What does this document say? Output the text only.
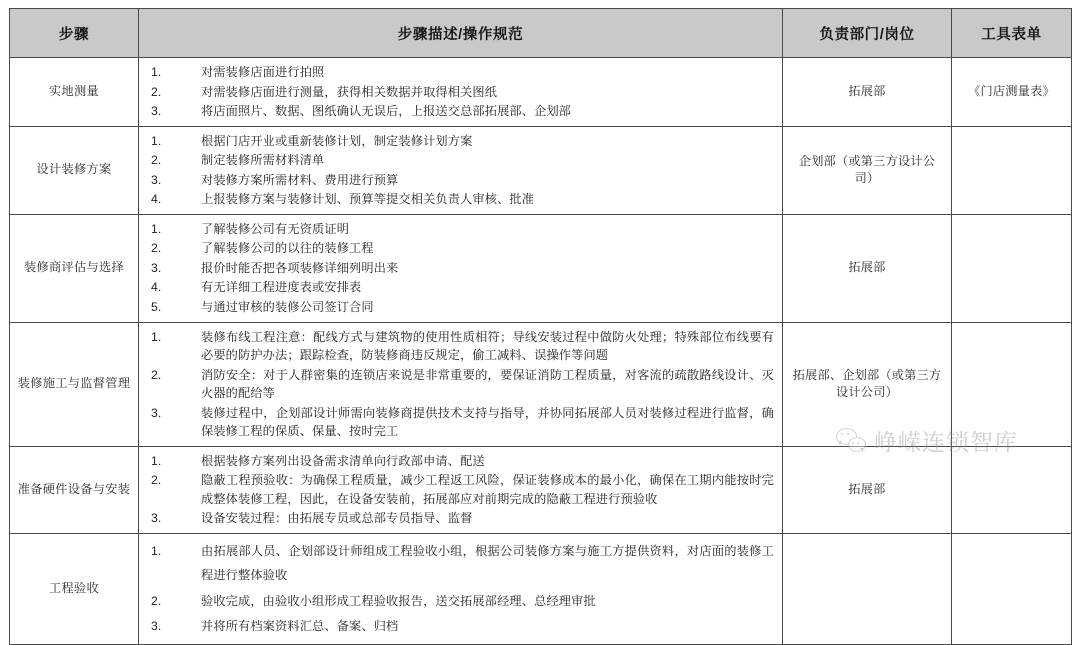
步骤	步骤描述/操作规范	负责部门/岗位	工具表单
实地测量	
1.	对需装修店面进行拍照
2.	对需装修店面进行测量，获得相关数据并取得相关图纸
3.	将店面照片、数据、图纸确认无误后，上报送交总部拓展部、企划部
	拓展部	《门店测量表》
设计装修方案	
1.	根据门店开业或重新装修计划，制定装修计划方案
2.	制定装修所需材料清单
3.	对装修方案所需材料、费用进行预算
4.	上报装修方案与装修计划、预算等提交相关负责人审核、批准
	企划部（或第三方设计公司）	
装修商评估与选择	
1.	了解装修公司有无资质证明
2.	了解装修公司的以往的装修工程
3.	报价时能否把各项装修详细列明出来
4.	有无详细工程进度表或安排表
5.	与通过审核的装修公司签订合同
	拓展部	
装修施工与监督管理	
1.	装修布线工程注意：配线方式与建筑物的使用性质相符；导线安装过程中做防火处理；特殊部位布线要有必要的防护办法；跟踪检查，防装修商违反规定，偷工减料、误操作等问题
2.	消防安全：对于人群密集的连锁店来说是非常重要的，要保证消防工程质量，对客流的疏散路线设计、灭火器的配给等
3.	装修过程中，企划部设计师需向装修商提供技术支持与指导，并协同拓展部人员对装修过程进行监督，确保装修工程的保质、保量、按时完工
	拓展部、企划部（或第三方设计公司）	
准备硬件设备与安装	
1.	根据装修方案列出设备需求清单向行政部申请、配送
2.	隐蔽工程预验收：为确保工程质量，减少工程返工风险，保证装修成本的最小化，确保在工期内能按时完成整体装修工程，因此，在设备安装前，拓展部应对前期完成的隐蔽工程进行预验收
3.	设备安装过程：由拓展专员或总部专员指导、监督
	拓展部	
工程验收	
1.	由拓展部人员、企划部设计师组成工程验收小组，根据公司装修方案与施工方提供资料，对店面的装修工程进行整体验收
2.	验收完成，由验收小组形成工程验收报告，送交拓展部经理、总经理审批
3.	并将所有档案资料汇总、备案、归档

峥嵘连锁智库
